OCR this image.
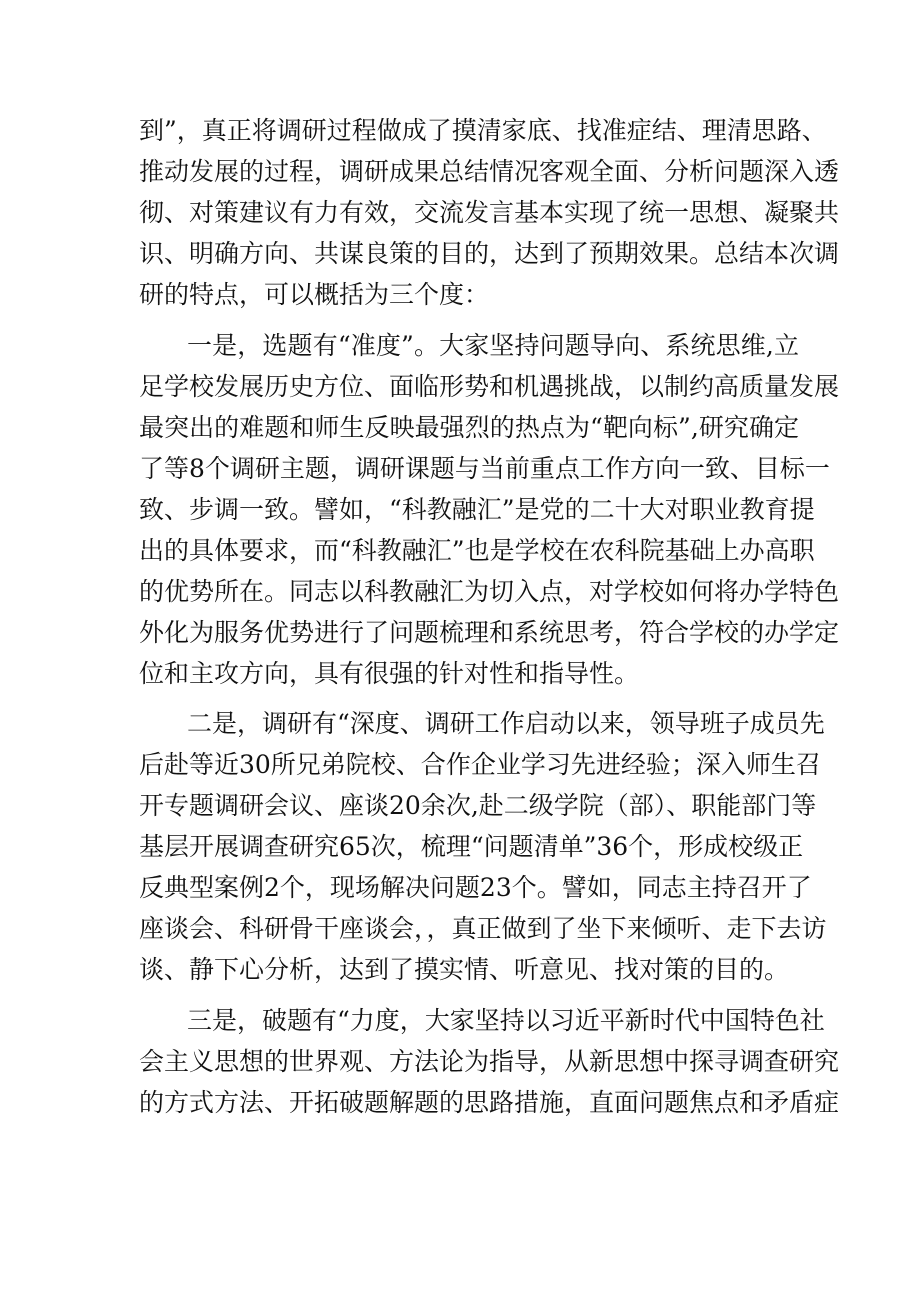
到”，真正将调研过程做成了摸清家底、找准症结、理清思路、
推动发展的过程，调研成果总结情况客观全面、分析问题深入透
彻、对策建议有力有效，交流发言基本实现了统一思想、凝聚共
识、明确方向、共谋良策的目的，达到了预期效果。总结本次调
研的特点，可以概括为三个度：
一是，选题有“准度”。大家坚持问题导向、系统思维,立
足学校发展历史方位、面临形势和机遇挑战，以制约高质量发展
最突出的难题和师生反映最强烈的热点为“靶向标”,研究确定
了等8个调研主题，调研课题与当前重点工作方向一致、目标一
致、步调一致。譬如，“科教融汇”是党的二十大对职业教育提
出的具体要求，而“科教融汇”也是学校在农科院基础上办高职
的优势所在。同志以科教融汇为切入点，对学校如何将办学特色
外化为服务优势进行了问题梳理和系统思考，符合学校的办学定
位和主攻方向，具有很强的针对性和指导性。
二是，调研有“深度、调研工作启动以来，领导班子成员先
后赴等近30所兄弟院校、合作企业学习先进经验；深入师生召
开专题调研会议、座谈20余次,赴二级学院（部）、职能部门等
基层开展调查研究65次，梳理“问题清单”36个，形成校级正
反典型案例2个，现场解决问题23个。譬如，同志主持召开了
座谈会、科研骨干座谈会，，真正做到了坐下来倾听、走下去访
谈、静下心分析，达到了摸实情、听意见、找对策的目的。
三是，破题有“力度，大家坚持以习近平新时代中国特色社
会主义思想的世界观、方法论为指导，从新思想中探寻调查研究
的方式方法、开拓破题解题的思路措施，直面问题焦点和矛盾症
